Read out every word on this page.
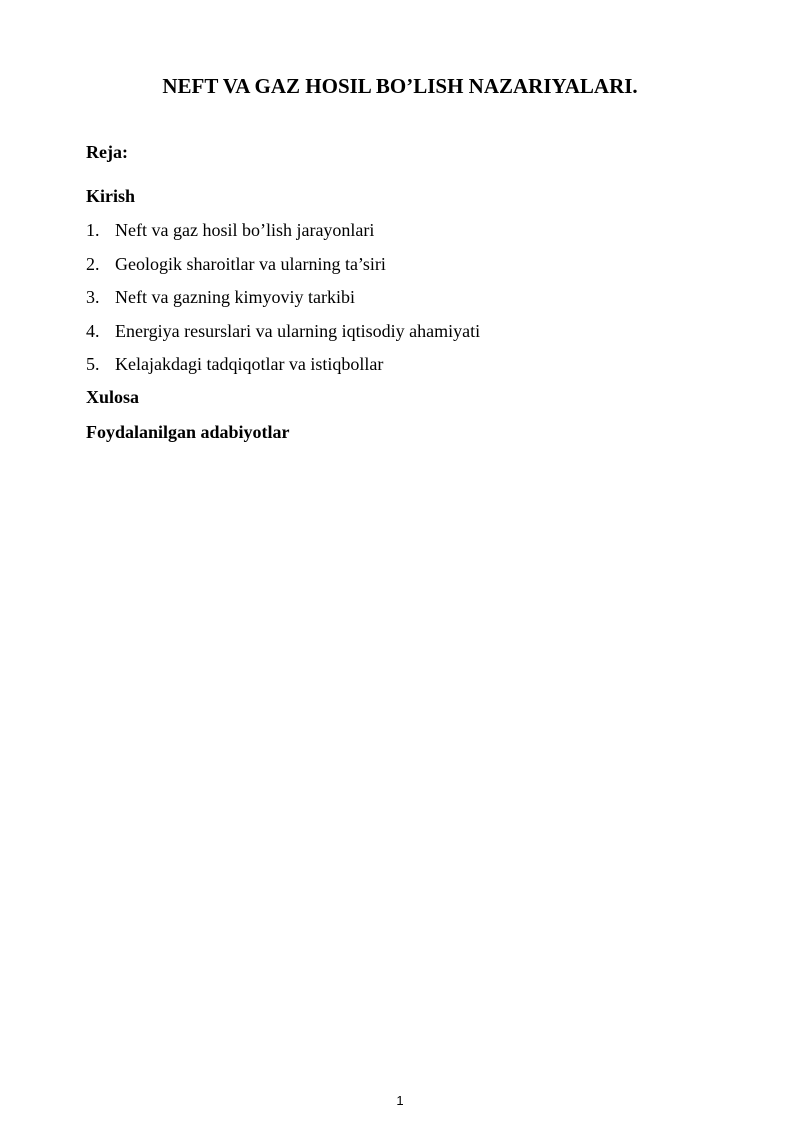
NEFT VA GAZ HOSIL BO’LISH NAZARIYALARI.
Reja:
Kirish
1. Neft va gaz hosil bo’lish jarayonlari
2. Geologik sharoitlar va ularning ta’siri
3. Neft va gazning kimyoviy tarkibi
4. Energiya resurslari va ularning iqtisodiy ahamiyati
5. Kelajakdagi tadqiqotlar va istiqbollar
Xulosa
Foydalanilgan adabiyotlar
1
